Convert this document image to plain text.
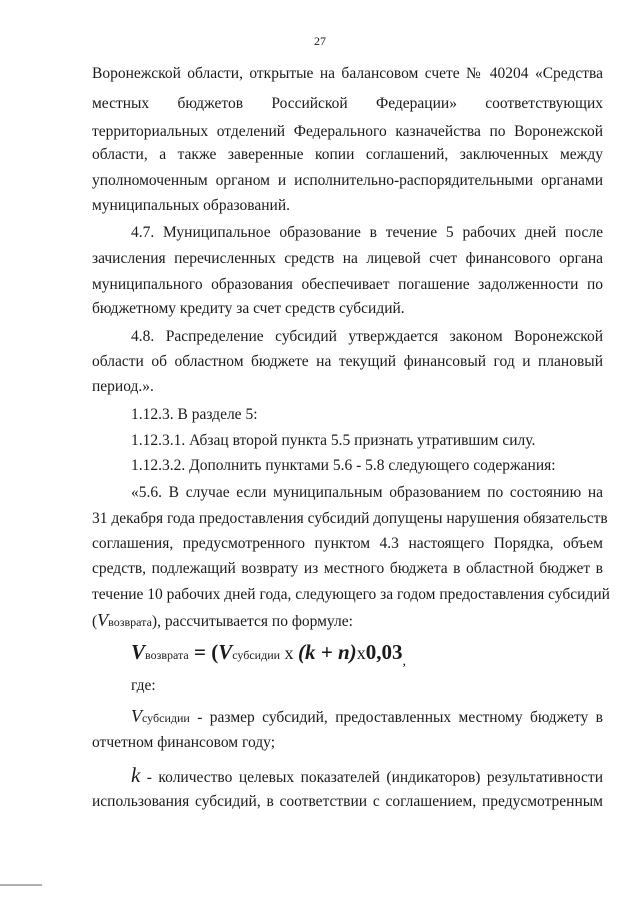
27
Воронежской области, открытые на балансовом счете № 40204 «Средства
местных бюджетов Российской Федерации» соответствующих
территориальных отделений Федерального казначейства по Воронежской
области, а также заверенные копии соглашений, заключенных между
уполномоченным органом и исполнительно-распорядительными органами
муниципальных образований.
4.7. Муниципальное образование в течение 5 рабочих дней после
зачисления перечисленных средств на лицевой счет финансового органа
муниципального образования обеспечивает погашение задолженности по
бюджетному кредиту за счет средств субсидий.
4.8. Распределение субсидий утверждается законом Воронежской
области об областном бюджете на текущий финансовый год и плановый
период.».
1.12.3. В разделе 5:
1.12.3.1. Абзац второй пункта 5.5 признать утратившим силу.
1.12.3.2. Дополнить пунктами 5.6 - 5.8 следующего содержания:
«5.6. В случае если муниципальным образованием по состоянию на
31 декабря года предоставления субсидий допущены нарушения обязательств
соглашения, предусмотренного пунктом 4.3 настоящего Порядка, объем
средств, подлежащий возврату из местного бюджета в областной бюджет в
течение 10 рабочих дней года, следующего за годом предоставления субсидий
(Vвозврата), рассчитывается по формуле:
Vвозврата = (Vсубсидии x $(k + n)x0,03_,$
где:
Vсубсидии - размер субсидий, предоставленных местному бюджету в
отчетном финансовом году;
k - количество целевых показателей (индикаторов) результативности
использования субсидий, в соответствии с соглашением, предусмотренным
